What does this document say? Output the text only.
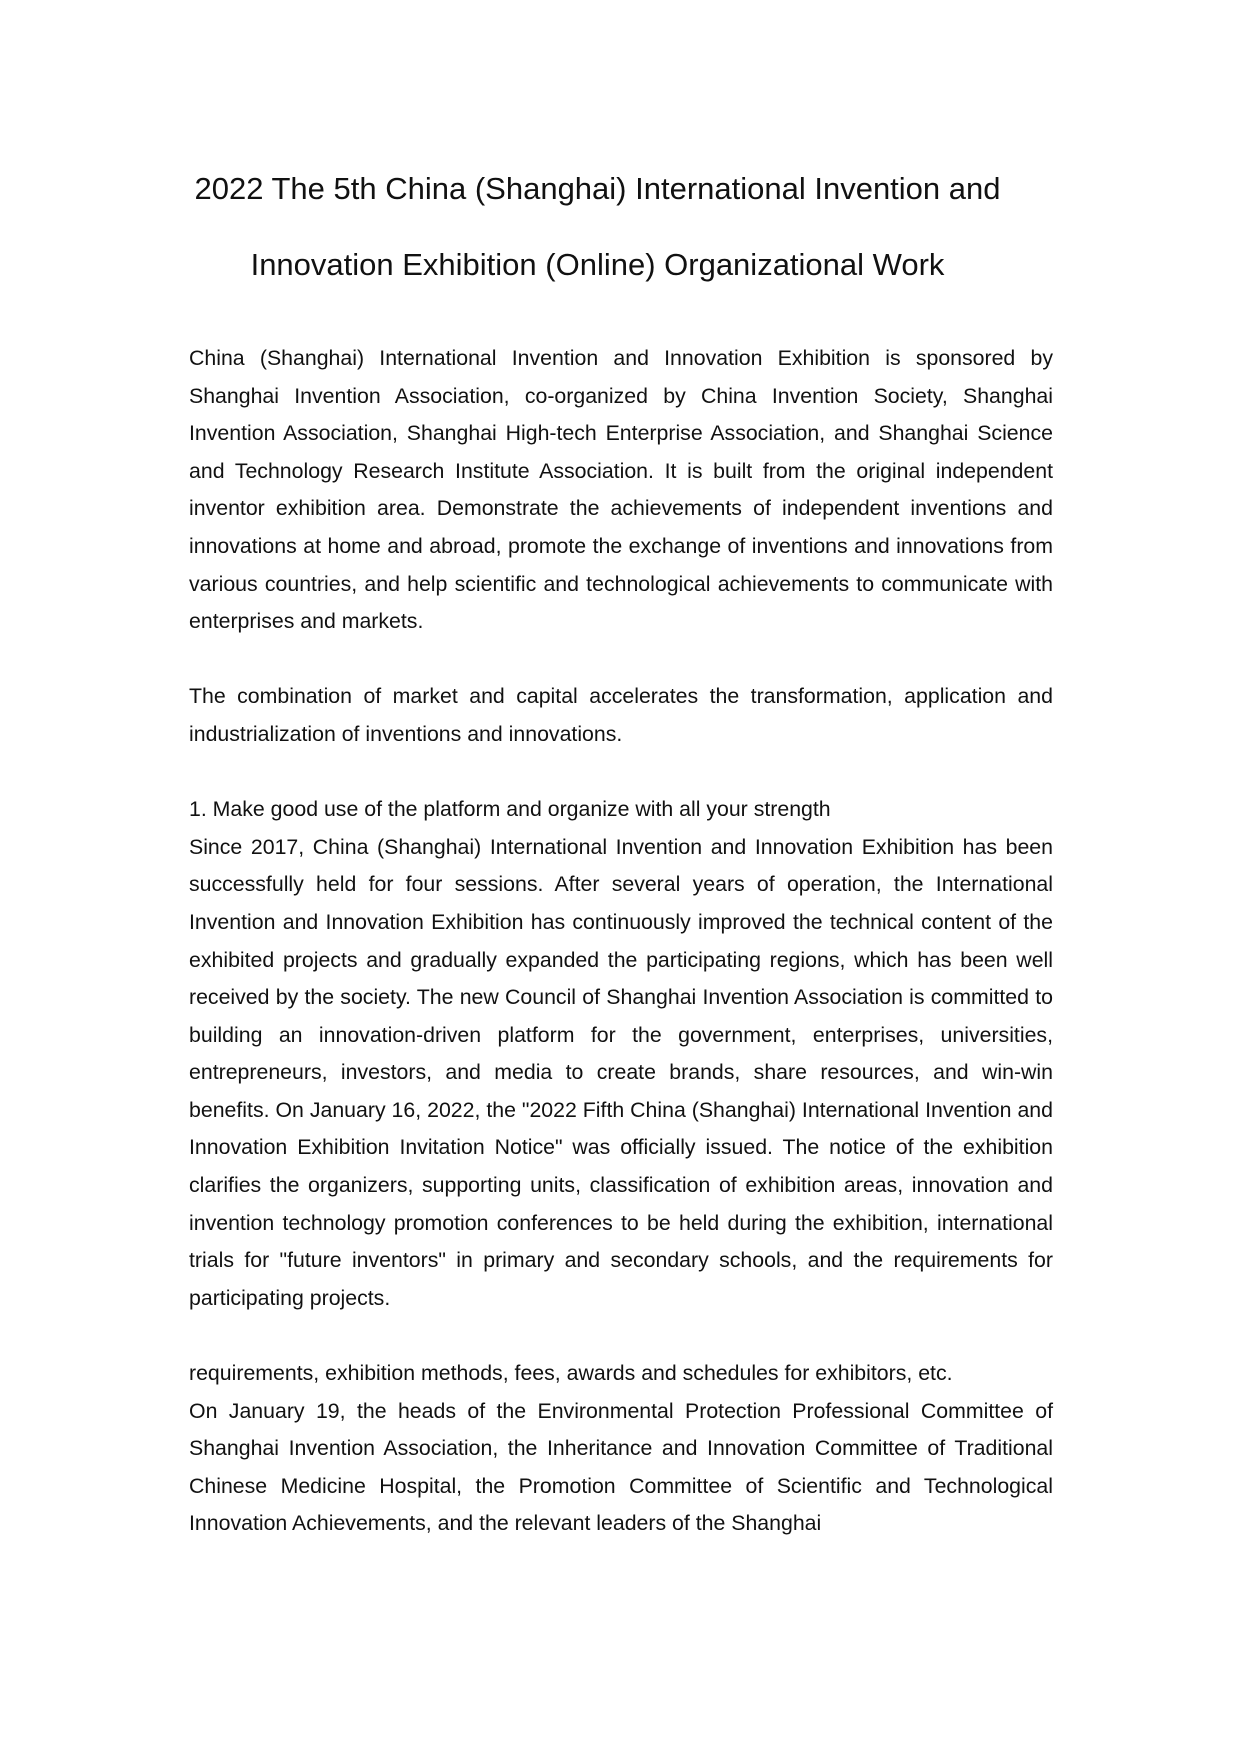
2022 The 5th China (Shanghai) International Invention and
Innovation Exhibition (Online) Organizational Work

China (Shanghai) International Invention and Innovation Exhibition is sponsored by Shanghai Invention Association, co-organized by China Invention Society, Shanghai Invention Association, Shanghai High-tech Enterprise Association, and Shanghai Science and Technology Research Institute Association. It is built from the original independent inventor exhibition area. Demonstrate the achievements of independent inventions and innovations at home and abroad, promote the exchange of inventions and innovations from various countries, and help scientific and technological achievements to communicate with enterprises and markets.

The combination of market and capital accelerates the transformation, application and industrialization of inventions and innovations.

1. Make good use of the platform and organize with all your strength

Since 2017, China (Shanghai) International Invention and Innovation Exhibition has been successfully held for four sessions. After several years of operation, the International Invention and Innovation Exhibition has continuously improved the technical content of the exhibited projects and gradually expanded the participating regions, which has been well received by the society. The new Council of Shanghai Invention Association is committed to building an innovation-driven platform for the government, enterprises, universities, entrepreneurs, investors, and media to create brands, share resources, and win-win benefits. On January 16, 2022, the "2022 Fifth China (Shanghai) International Invention and Innovation Exhibition Invitation Notice" was officially issued. The notice of the exhibition clarifies the organizers, supporting units, classification of exhibition areas, innovation and invention technology promotion conferences to be held during the exhibition, international trials for "future inventors" in primary and secondary schools, and the requirements for participating projects.

requirements, exhibition methods, fees, awards and schedules for exhibitors, etc.

On January 19, the heads of the Environmental Protection Professional Committee of Shanghai Invention Association, the Inheritance and Innovation Committee of Traditional Chinese Medicine Hospital, the Promotion Committee of Scientific and Technological Innovation Achievements, and the relevant leaders of the Shanghai
